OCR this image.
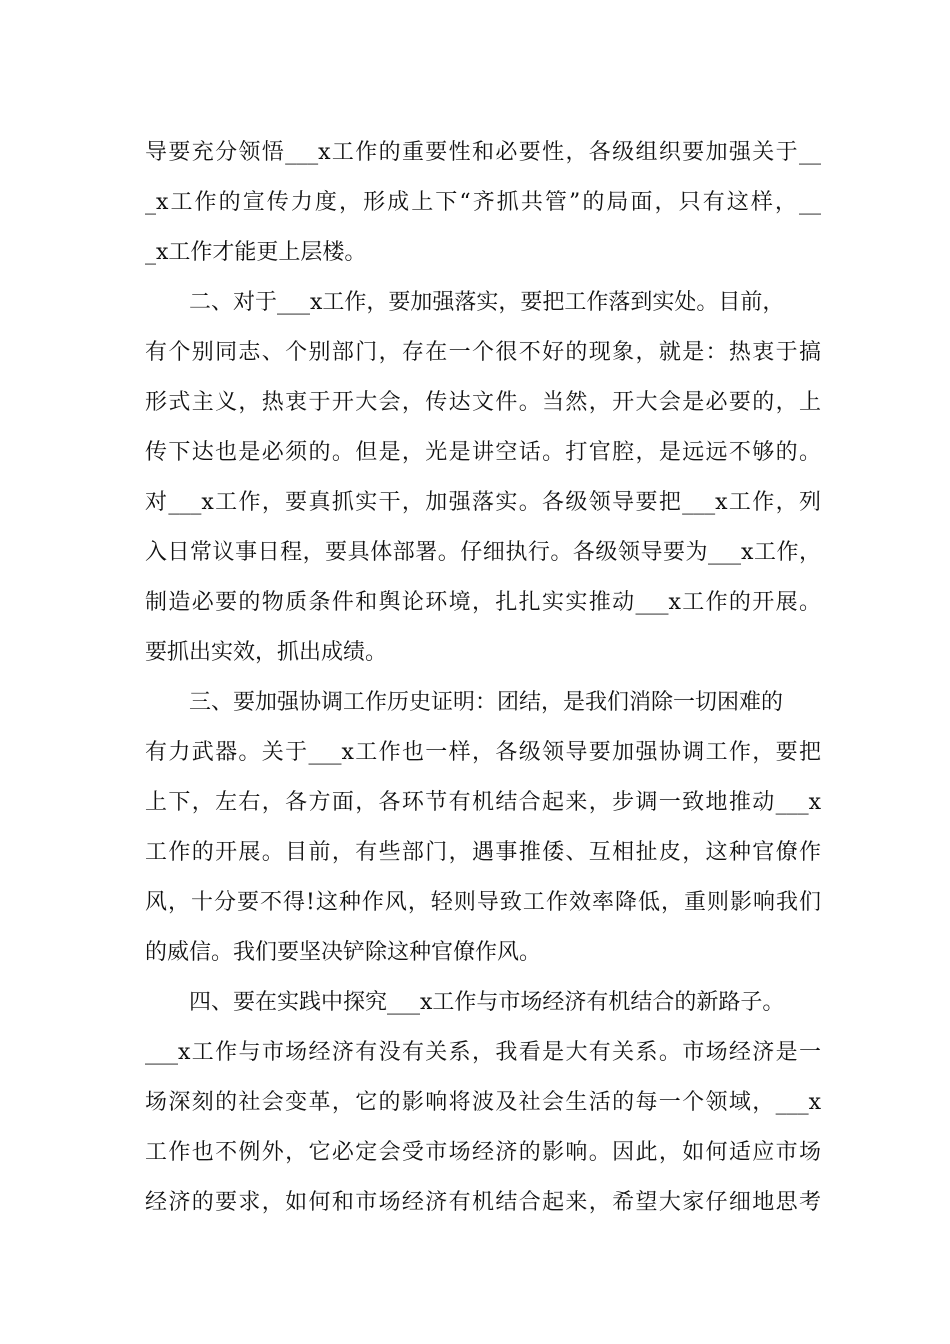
导要充分领悟___x工作的重要性和必要性，各级组织要加强关于__
_x工作的宣传力度，形成上下“齐抓共管”的局面，只有这样，__
_x工作才能更上层楼。
二、对于___x工作，要加强落实，要把工作落到实处。目前，
有个别同志、个别部门，存在一个很不好的现象，就是：热衷于搞
形式主义，热衷于开大会，传达文件。当然，开大会是必要的，上
传下达也是必须的。但是，光是讲空话。打官腔，是远远不够的。
对___x工作，要真抓实干，加强落实。各级领导要把___x工作，列
入日常议事日程，要具体部署。仔细执行。各级领导要为___x工作，
制造必要的物质条件和舆论环境，扎扎实实推动___x工作的开展。
要抓出实效，抓出成绩。
三、要加强协调工作历史证明：团结，是我们消除一切困难的
有力武器。关于___x工作也一样，各级领导要加强协调工作，要把
上下，左右，各方面，各环节有机结合起来，步调一致地推动___x
工作的开展。目前，有些部门，遇事推倭、互相扯皮，这种官僚作
风，十分要不得!这种作风，轻则导致工作效率降低，重则影响我们
的威信。我们要坚决铲除这种官僚作风。
四、要在实践中探究___x工作与市场经济有机结合的新路子。
___x工作与市场经济有没有关系，我看是大有关系。市场经济是一
场深刻的社会变革，它的影响将波及社会生活的每一个领域，___x
工作也不例外，它必定会受市场经济的影响。因此，如何适应市场
经济的要求，如何和市场经济有机结合起来，希望大家仔细地思考
